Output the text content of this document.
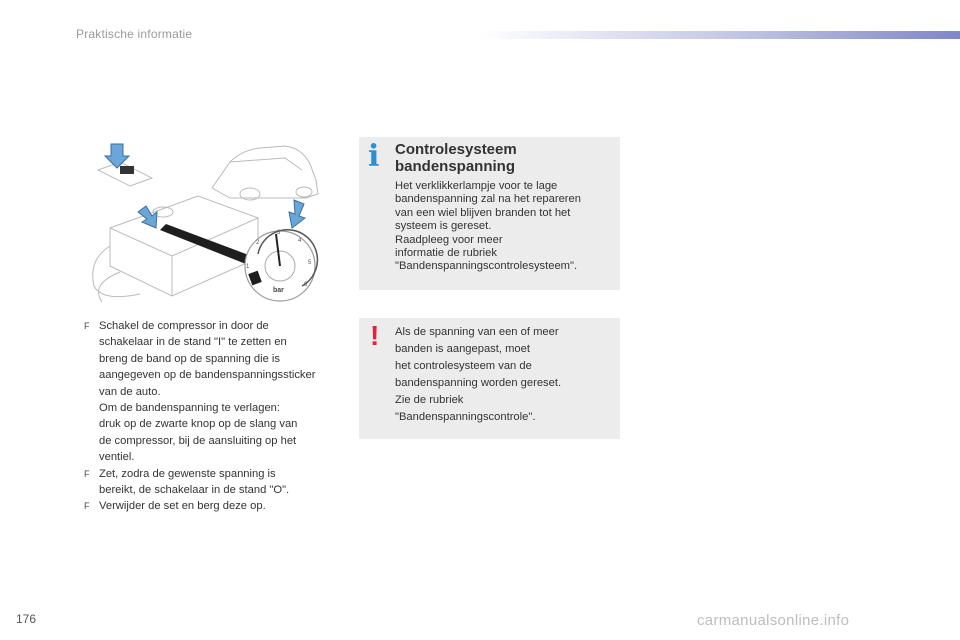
Praktische informatie
1
2
3
4
5
6
bar
F Schakel de compressor in door de
schakelaar in de stand "I" te zetten en
breng de band op de spanning die is
aangegeven op de bandenspanningssticker
van de auto.
Om de bandenspanning te verlagen:
druk op de zwarte knop op de slang van
de compressor, bij de aansluiting op het
ventiel.
F Zet, zodra de gewenste spanning is
bereikt, de schakelaar in de stand "O".
F Verwijder de set en berg deze op.
i Controlesysteem
bandenspanning
Het verklikkerlampje voor te lage
bandenspanning zal na het repareren
van een wiel blijven branden tot het
systeem is gereset.
Raadpleeg voor meer
informatie de rubriek
"Bandenspanningscontrolesysteem".
! Als de spanning van een of meer
banden is aangepast, moet
het controlesysteem van de
bandenspanning worden gereset.
Zie de rubriek
"Bandenspanningscontrole".
176	carmanualsonline.info
